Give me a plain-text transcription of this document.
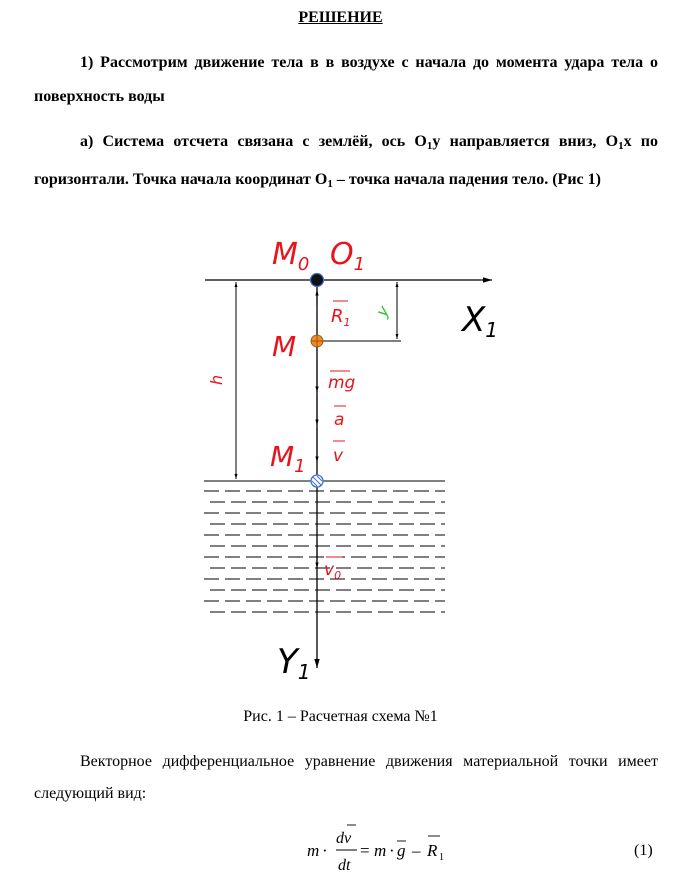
РЕШЕНИЕ

1) Рассмотрим движение тела в в воздухе с начала до момента удара тела о поверхность воды

а) Система отсчета связана с землёй, ось $O_1y$ направляется вниз, $O_1x$ по горизонтали. Точка начала координат $O_1$ – точка начала падения тело. (Рис 1)

$M_0$ $O_1$
M
$M_1$
h
y
$R_1$
mg
a
v
$v_0$
X1
Y1
Рис. 1 – Расчетная схема №1

Векторное дифференциальное уравнение движения материальной точки имеет следующий вид:

m ·
dv
dt
= m · g – R 1	(1)
